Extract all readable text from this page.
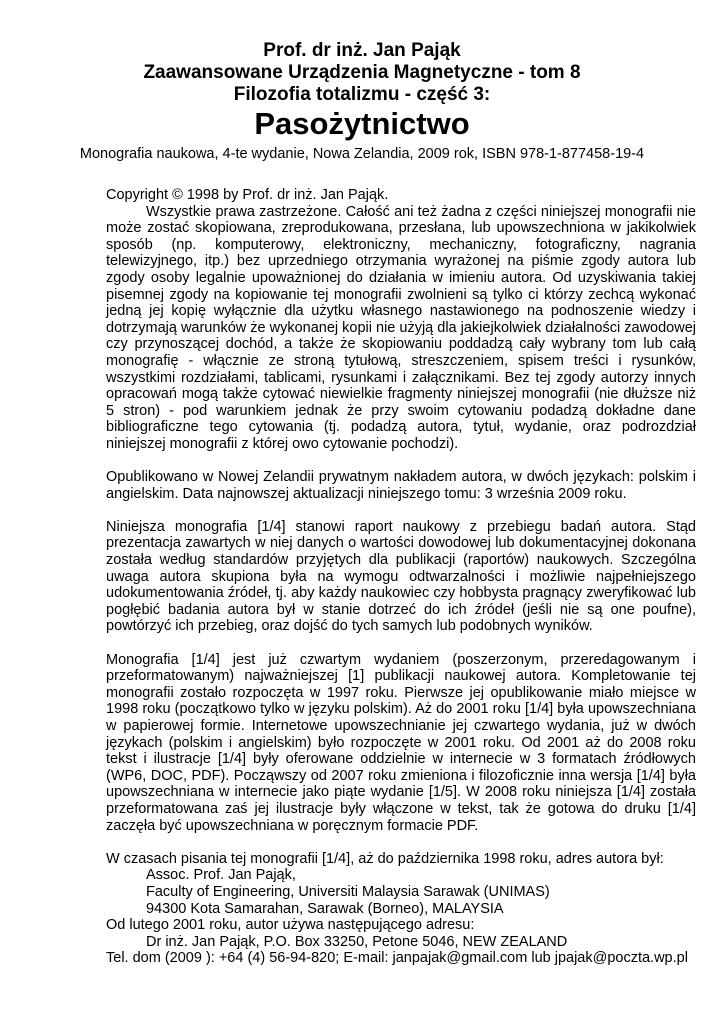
Prof. dr inż. Jan Pająk
Zaawansowane Urządzenia Magnetyczne - tom 8
Filozofia totalizmu - część 3:
Pasożytnictwo
Monografia naukowa, 4-te wydanie, Nowa Zelandia, 2009 rok, ISBN 978-1-877458-19-4

Copyright © 1998 by Prof. dr inż. Jan Pająk.

Wszystkie prawa zastrzeżone. Całość ani też żadna z części niniejszej monografii nie może zostać skopiowana, zreprodukowana, przesłana, lub upowszechniona w jakikolwiek sposób (np. komputerowy, elektroniczny, mechaniczny, fotograficzny, nagrania telewizyjnego, itp.) bez uprzedniego otrzymania wyrażonej na piśmie zgody autora lub zgody osoby legalnie upoważnionej do działania w imieniu autora. Od uzyskiwania takiej pisemnej zgody na kopiowanie tej monografii zwolnieni są tylko ci którzy zechcą wykonać jedną jej kopię wyłącznie dla użytku własnego nastawionego na podnoszenie wiedzy i dotrzymają warunków że wykonanej kopii nie użyją dla jakiejkolwiek działalności zawodowej czy przynoszącej dochód, a także że skopiowaniu poddadzą cały wybrany tom lub całą monografię - włącznie ze stroną tytułową, streszczeniem, spisem treści i rysunków, wszystkimi rozdziałami, tablicami, rysunkami i załącznikami. Bez tej zgody autorzy innych opracowań mogą także cytować niewielkie fragmenty niniejszej monografii (nie dłuższe niż 5 stron) - pod warunkiem jednak że przy swoim cytowaniu podadzą dokładne dane bibliograficzne tego cytowania (tj. podadzą autora, tytuł, wydanie, oraz podrozdział niniejszej monografii z której owo cytowanie pochodzi).

Opublikowano w Nowej Zelandii prywatnym nakładem autora, w dwóch językach: polskim i angielskim. Data najnowszej aktualizacji niniejszego tomu: 3 września 2009 roku.

Niniejsza monografia [1/4] stanowi raport naukowy z przebiegu badań autora. Stąd prezentacja zawartych w niej danych o wartości dowodowej lub dokumentacyjnej dokonana została według standardów przyjętych dla publikacji (raportów) naukowych. Szczególna uwaga autora skupiona była na wymogu odtwarzalności i możliwie najpełniejszego udokumentowania źródeł, tj. aby każdy naukowiec czy hobbysta pragnący zweryfikować lub pogłębić badania autora był w stanie dotrzeć do ich źródeł (jeśli nie są one poufne), powtórzyć ich przebieg, oraz dojść do tych samych lub podobnych wyników.

Monografia [1/4] jest już czwartym wydaniem (poszerzonym, przeredagowanym i przeformatowanym) najważniejszej [1] publikacji naukowej autora. Kompletowanie tej monografii zostało rozpoczęta w 1997 roku. Pierwsze jej opublikowanie miało miejsce w 1998 roku (początkowo tylko w języku polskim). Aż do 2001 roku [1/4] była upowszechniana w papierowej formie. Internetowe upowszechnianie jej czwartego wydania, już w dwóch językach (polskim i angielskim) było rozpoczęte w 2001 roku. Od 2001 aż do 2008 roku tekst i ilustracje [1/4] były oferowane oddzielnie w internecie w 3 formatach źródłowych (WP6, DOC, PDF). Począwszy od 2007 roku zmieniona i filozoficznie inna wersja [1/4] była upowszechniana w internecie jako piąte wydanie [1/5]. W 2008 roku niniejsza [1/4] została przeformatowana zaś jej ilustracje były włączone w tekst, tak że gotowa do druku [1/4] zaczęła być upowszechniana w poręcznym formacie PDF.

W czasach pisania tej monografii [1/4], aż do października 1998 roku, adres autora był:

Assoc. Prof. Jan Pająk,

Faculty of Engineering, Universiti Malaysia Sarawak (UNIMAS)

94300 Kota Samarahan, Sarawak (Borneo), MALAYSIA

Od lutego 2001 roku, autor używa następującego adresu:

Dr inż. Jan Pająk, P.O. Box 33250, Petone 5046, NEW ZEALAND

Tel. dom (2009 ): +64 (4) 56-94-820; E-mail: janpajak@gmail.com lub jpajak@poczta.wp.pl
